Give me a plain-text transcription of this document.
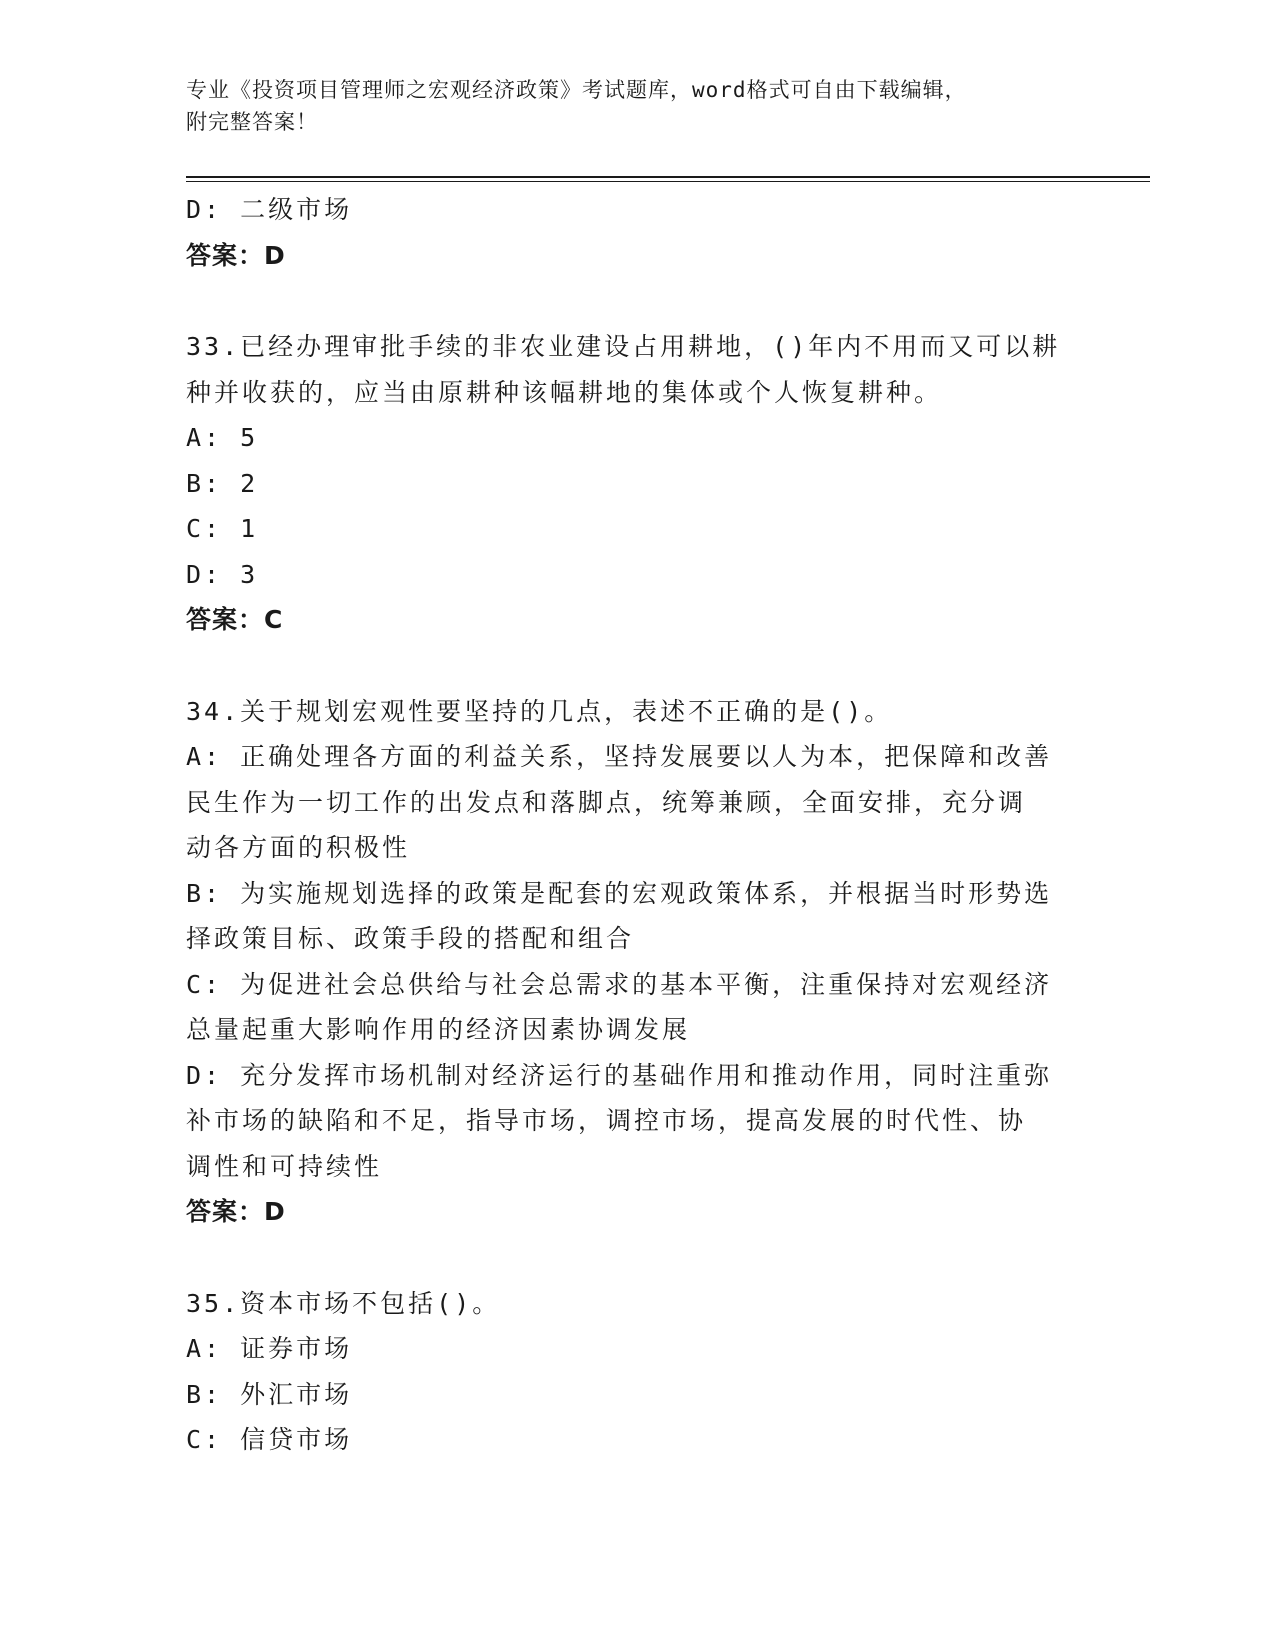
专业《投资项目管理师之宏观经济政策》考试题库，word格式可自由下载编辑，
附完整答案！
D: 二级市场
答案：D
33.已经办理审批手续的非农业建设占用耕地，()年内不用而又可以耕
种并收获的，应当由原耕种该幅耕地的集体或个人恢复耕种。
A: 5
B: 2
C: 1
D: 3
答案：C
34.关于规划宏观性要坚持的几点，表述不正确的是()。
A: 正确处理各方面的利益关系，坚持发展要以人为本，把保障和改善
民生作为一切工作的出发点和落脚点，统筹兼顾，全面安排，充分调
动各方面的积极性
B: 为实施规划选择的政策是配套的宏观政策体系，并根据当时形势选
择政策目标、政策手段的搭配和组合
C: 为促进社会总供给与社会总需求的基本平衡，注重保持对宏观经济
总量起重大影响作用的经济因素协调发展
D: 充分发挥市场机制对经济运行的基础作用和推动作用，同时注重弥
补市场的缺陷和不足，指导市场，调控市场，提高发展的时代性、协
调性和可持续性
答案：D
35.资本市场不包括()。
A: 证券市场
B: 外汇市场
C: 信贷市场
